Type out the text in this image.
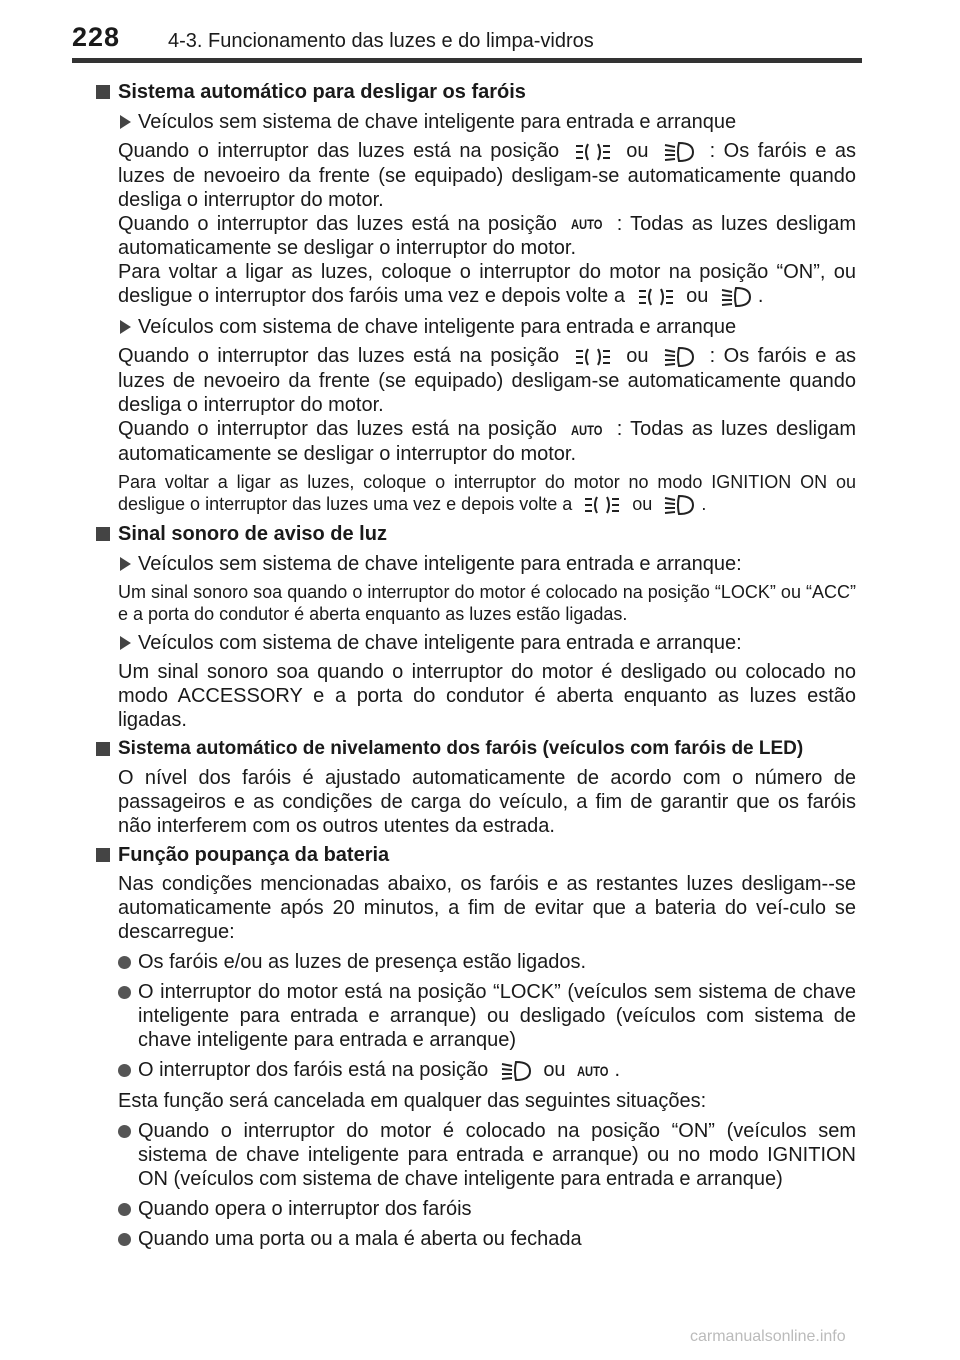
228 4-3. Funcionamento das luzes e do limpa-vidros
Sistema automático para desligar os faróis
Veículos sem sistema de chave inteligente para entrada e arranque
Quando o interruptor das luzes está na posição	ou	: Os faróis e as luzes de nevoeiro da frente (se equipado) desligam-se automaticamente quando desliga o interruptor do motor.
Quando o interruptor das luzes está na posição AUTO : Todas as luzes desligam automaticamente se desligar o interruptor do motor.
Para voltar a ligar as luzes, coloque o interruptor do motor na posição “ON”, ou desligue o interruptor dos faróis uma vez e depois volte a	ou .
Veículos com sistema de chave inteligente para entrada e arranque
Quando o interruptor das luzes está na posição	ou	: Os faróis e as luzes de nevoeiro da frente (se equipado) desligam-se automaticamente quando desliga o interruptor do motor.
Quando o interruptor das luzes está na posição AUTO : Todas as luzes desligam automaticamente se desligar o interruptor do motor.
Para voltar a ligar as luzes, coloque o interruptor do motor no modo IGNITION ON ou desligue o interruptor das luzes uma vez e depois volte a	ou	.
Sinal sonoro de aviso de luz
Veículos sem sistema de chave inteligente para entrada e arranque:
Um sinal sonoro soa quando o interruptor do motor é colocado na posição “LOCK” ou “ACC” e a porta do condutor é aberta enquanto as luzes estão ligadas.
Veículos com sistema de chave inteligente para entrada e arranque:
Um sinal sonoro soa quando o interruptor do motor é desligado ou colocado no modo ACCESSORY e a porta do condutor é aberta enquanto as luzes estão ligadas.
Sistema automático de nivelamento dos faróis (veículos com faróis de LED)
O nível dos faróis é ajustado automaticamente de acordo com o número de passageiros e as condições de carga do veículo, a fim de garantir que os faróis não interferem com os outros utentes da estrada.
Função poupança da bateria
Nas condições mencionadas abaixo, os faróis e as restantes luzes desligam--se automaticamente após 20 minutos, a fim de evitar que a bateria do veí-culo se descarregue:
Os faróis e/ou as luzes de presença estão ligados.
O interruptor do motor está na posição “LOCK” (veículos sem sistema de chave inteligente para entrada e arranque) ou desligado (veículos com sistema de chave inteligente para entrada e arranque)
O interruptor dos faróis está na posição	ou AUTO .
Esta função será cancelada em qualquer das seguintes situações:
Quando o interruptor do motor é colocado na posição “ON” (veículos sem sistema de chave inteligente para entrada e arranque) ou no modo IGNITION ON (veículos com sistema de chave inteligente para entrada e arranque)
Quando opera o interruptor dos faróis
Quando uma porta ou a mala é aberta ou fechada
carmanualsonline.info
